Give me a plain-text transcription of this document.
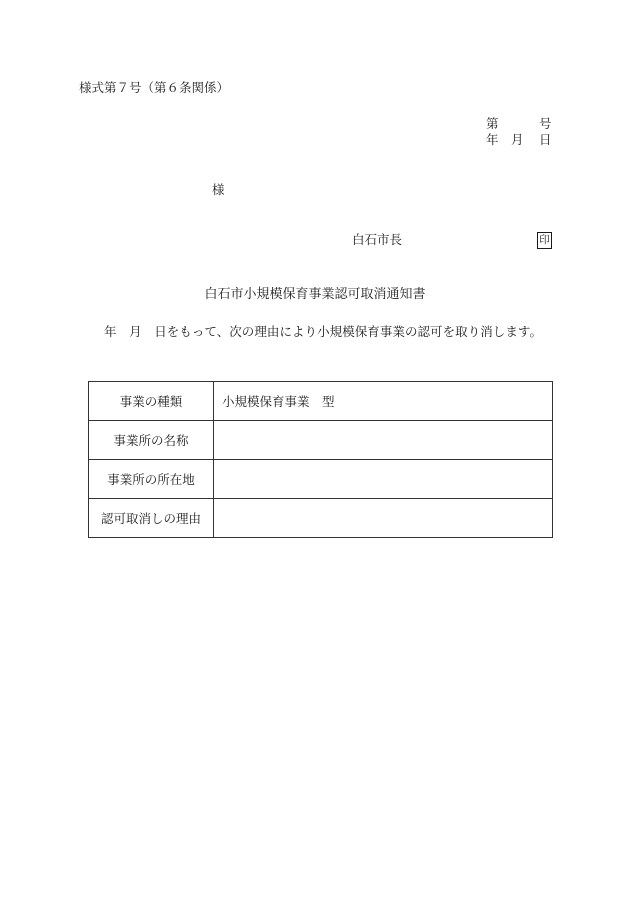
様式第７号（第６条関係）
第	号
年 月 日
様
白石市長	印
白石市小規模保育事業認可取消通知書
年　月　日をもって、次の理由により小規模保育事業の認可を取り消します。
事業の種類	小規模保育事業　型
事業所の名称	
事業所の所在地	
認可取消しの理由	
